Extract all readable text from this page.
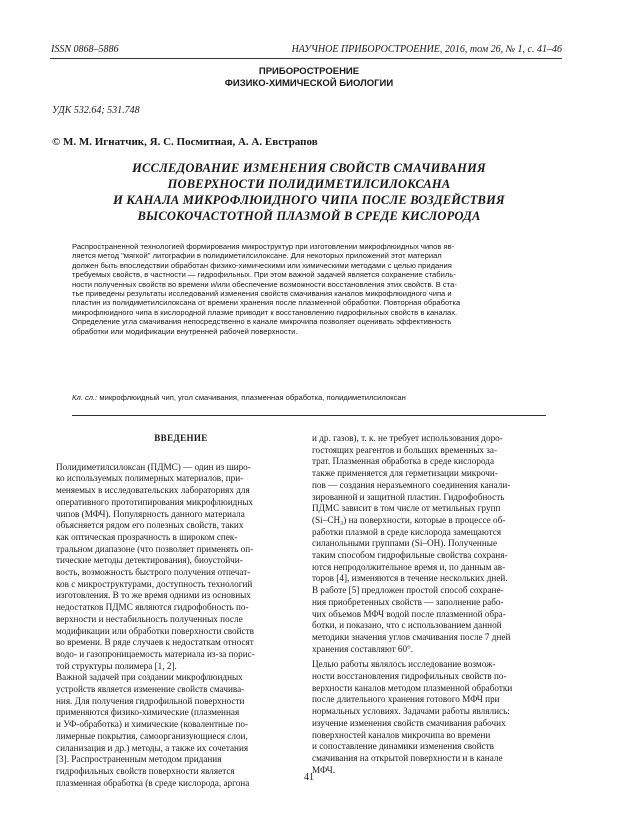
ISSN 0868–5886	НАУЧНОЕ ПРИБОРОСТРОЕНИЕ, 2016, том 26, № 1, c. 41–46
ПРИБОРОСТРОЕНИЕ
ФИЗИКО-ХИМИЧЕСКОЙ БИОЛОГИИ
УДК 532.64; 531.748
© М. М. Игнатчик, Я. С. Посмитная, А. А. Евстрапов
ИССЛЕДОВАНИЕ ИЗМЕНЕНИЯ СВОЙСТВ СМАЧИВАНИЯ
ПОВЕРХНОСТИ ПОЛИДИМЕТИЛСИЛОКСАНА
И КАНАЛА МИКРОФЛЮИДНОГО ЧИПА ПОСЛЕ ВОЗДЕЙСТВИЯ
ВЫСОКОЧАСТОТНОЙ ПЛАЗМОЙ В СРЕДЕ КИСЛОРОДА
Распространенной технологией формирования микроструктур при изготовлении микрофлюидных чипов яв-
ляется метод "мягкой" литографии в полидиметилсилоксане. Для некоторых приложений этот материал
должен быть впоследствии обработан физико-химическими или химическими методами с целью придания
требуемых свойств, в частности — гидрофильных. При этом важной задачей является сохранение стабиль-
ности полученных свойств во времени и/или обеспечение возможности восстановления этих свойств. В ста-
тье приведены результаты исследований изменения свойств смачивания каналов микрофлюидного чипа и
пластин из полидиметилсилоксана от времени хранения после плазменной обработки. Повторная обработка
микрофлюидного чипа в кислородной плазме приводит к восстановлению гидрофильных свойств в каналах.
Определение угла смачивания непосредственно в канале микрочипа позволяет оценивать эффективность
обработки или модификации внутренней рабочей поверхности.
Кл. сл.: микрофлюидный чип, угол смачивания, плазменная обработка, полидиметилсилоксан
ВВЕДЕНИЕ
Полидиметилсилоксан (ПДМС) — один из широ-
ко используемых полимерных материалов, при-
меняемых в исследовательских лабораториях для
оперативного прототипирования микрофлюидных
чипов (МФЧ). Популярность данного материала
объясняется рядом его полезных свойств, таких
как оптическая прозрачность в широком спек-
тральном диапазоне (что позволяет применять оп-
тические методы детектирования), биоустойчи-
вость, возможность быстрого получения отпечат-
ков с микроструктурами, доступность технологий
изготовления. В то же время одними из основных
недостатков ПДМС являются гидрофобность по-
верхности и нестабильность полученных после
модификации или обработки поверхности свойств
во времени. В ряде случаев к недостаткам относят
водо- и газопроницаемость материала из-за порис-
той структуры полимера [1, 2].
Важной задачей при создании микрофлюидных
устройств является изменение свойств смачива-
ния. Для получения гидрофильной поверхности
применяются физико-химические (плазменная
и УФ-обработка) и химические (ковалентные по-
лимерные покрытия, самоорганизующиеся слои,
силанизация и др.) методы, а также их сочетания
[3]. Распространенным методом придания
гидрофильных свойств поверхности является
плазменная обработка (в среде кислорода, аргона
и др. газов), т. к. не требует использования доро-
гостоящих реагентов и больших временны́х за-
трат. Плазменная обработка в среде кислорода
также применяется для герметизации микрочи-
пов — создания неразъемного соединения канали-
зированной и защитной пластин. Гидрофобность
ПДМС зависит в том числе от метильных групп
(Si–CH₃) на поверхности, которые в процессе об-
работки плазмой в среде кислорода замещаются
силанольными группами (Si–OH). Полученные
таким способом гидрофильные свойства сохраня-
ются непродолжительное время и, по данным ав-
торов [4], изменяются в течение нескольких дней.
В работе [5] предложен простой способ сохране-
ния приобретенных свойств — заполнение рабо-
чих объемов МФЧ водой после плазменной обра-
ботки, и показано, что с использованием данной
методики значения углов смачивания после 7 дней
хранения составляют 60°.
Целью работы являлось исследование возмож-
ности восстановления гидрофильных свойств по-
верхности каналов методом плазменной обработки
после длительного хранения готового МФЧ при
нормальных условиях. Задачами работы являлись:
изучение изменения свойств смачивания рабочих
поверхностей каналов микрочипа во времени
и сопоставление динамики изменения свойств
смачивания на открытой поверхности и в канале
МФЧ.
41
